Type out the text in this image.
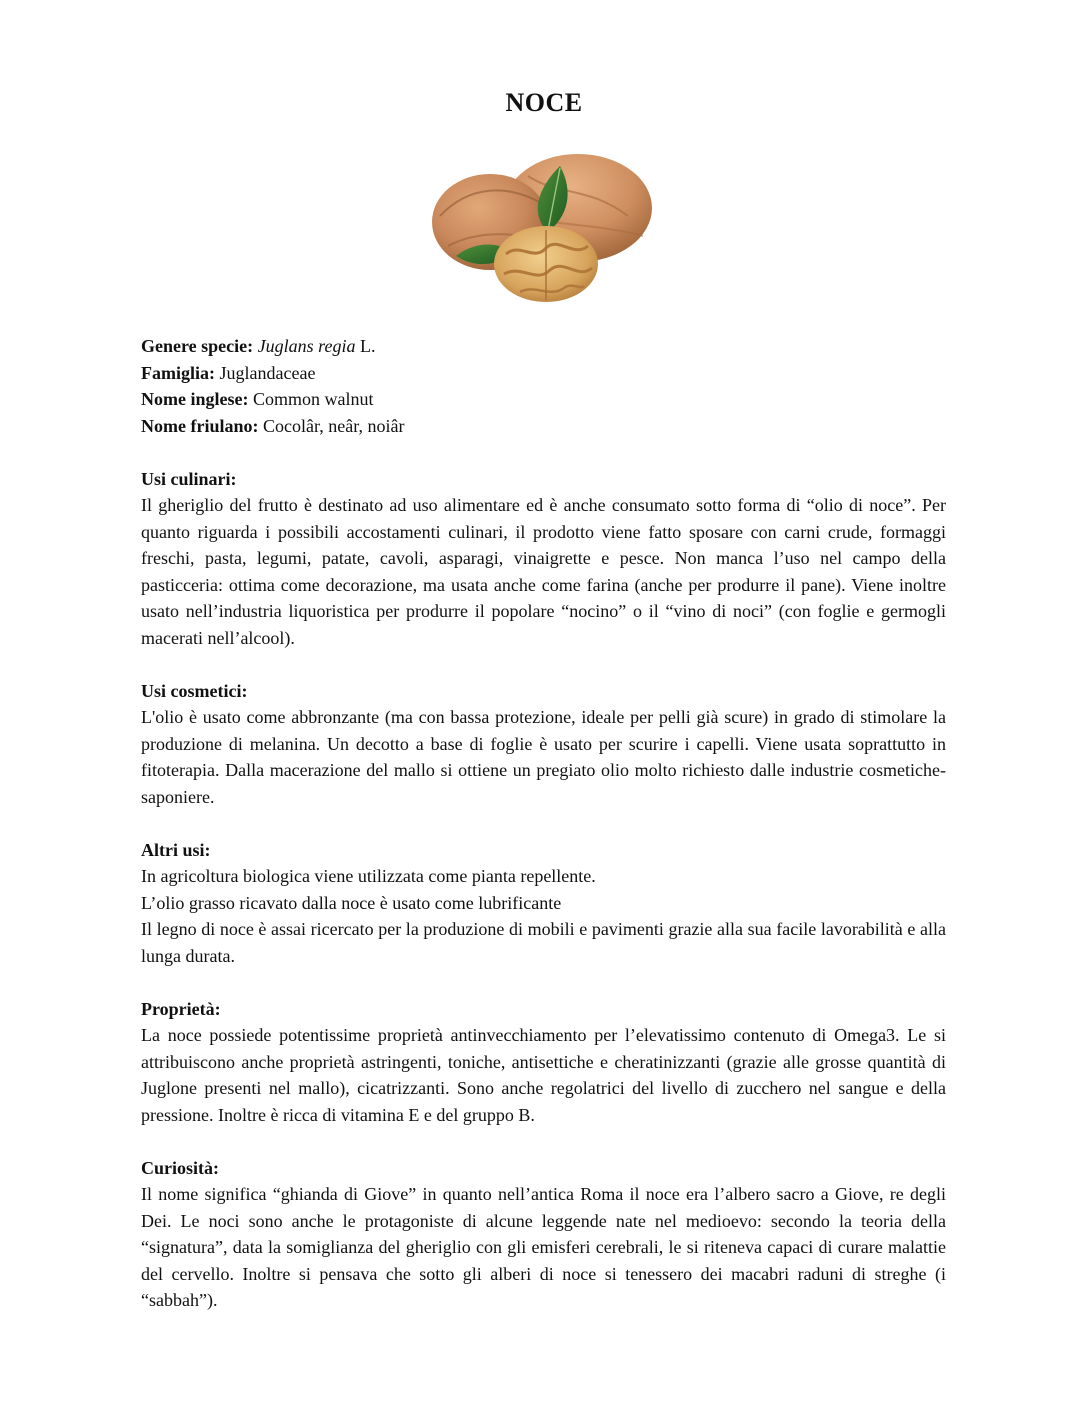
NOCE

Genere specie: Juglans regia L.

Famiglia: Juglandaceae

Nome inglese: Common walnut

Nome friulano: Cocolâr, neâr, noiâr

Usi culinari:

Il gheriglio del frutto è destinato ad uso alimentare ed è anche consumato sotto forma di “olio di noce”. Per quanto riguarda i possibili accostamenti culinari, il prodotto viene fatto sposare con carni crude, formaggi freschi, pasta, legumi, patate, cavoli, asparagi, vinaigrette e pesce. Non manca l’uso nel campo della pasticceria: ottima come decorazione, ma usata anche come farina (anche per produrre il pane). Viene inoltre usato nell’industria liquoristica per produrre il popolare “nocino” o il “vino di noci” (con foglie e germogli macerati nell’alcool).

Usi cosmetici:

L'olio è usato come abbronzante (ma con bassa protezione, ideale per pelli già scure) in grado di stimolare la produzione di melanina. Un decotto a base di foglie è usato per scurire i capelli. Viene usata soprattutto in fitoterapia. Dalla macerazione del mallo si ottiene un pregiato olio molto richiesto dalle industrie cosmetiche-saponiere.

Altri usi:

In agricoltura biologica viene utilizzata come pianta repellente.

L’olio grasso ricavato dalla noce è usato come lubrificante

Il legno di noce è assai ricercato per la produzione di mobili e pavimenti grazie alla sua facile lavorabilità e alla lunga durata.

Proprietà:

La noce possiede potentissime proprietà antinvecchiamento per l’elevatissimo contenuto di Omega3. Le si attribuiscono anche proprietà astringenti, toniche, antisettiche e cheratinizzanti (grazie alle grosse quantità di Juglone presenti nel mallo), cicatrizzanti. Sono anche regolatrici del livello di zucchero nel sangue e della pressione. Inoltre è ricca di vitamina E e del gruppo B.

Curiosità:

Il nome significa “ghianda di Giove” in quanto nell’antica Roma il noce era l’albero sacro a Giove, re degli Dei. Le noci sono anche le protagoniste di alcune leggende nate nel medioevo: secondo la teoria della “signatura”, data la somiglianza del gheriglio con gli emisferi cerebrali, le si riteneva capaci di curare malattie del cervello. Inoltre si pensava che sotto gli alberi di noce si tenessero dei macabri raduni di streghe (i “sabbah”).
